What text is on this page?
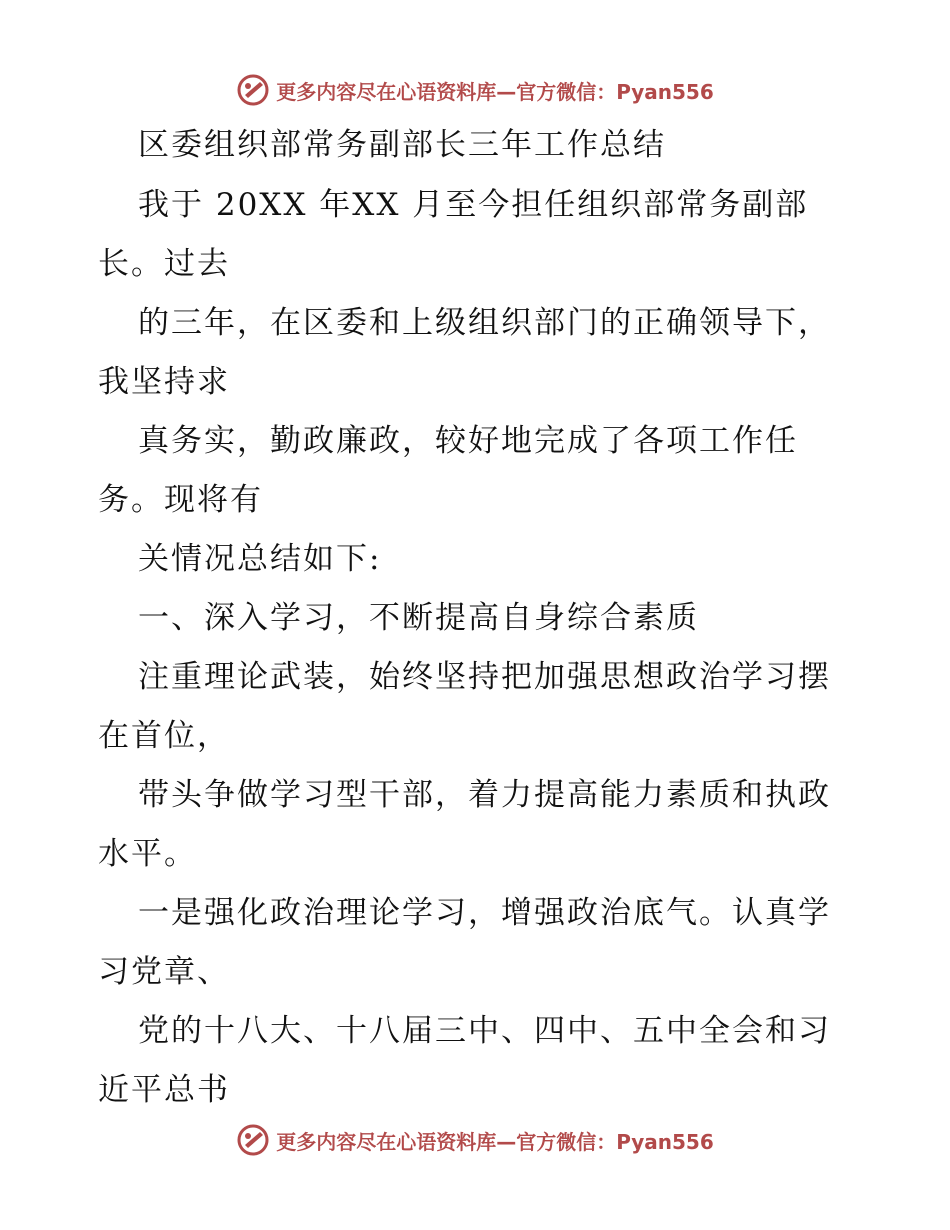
更多内容尽在心语资料库—官方微信：Pyan556
区委组织部常务副部长三年工作总结
我于 20XX 年XX 月至今担任组织部常务副部
长。过去
的三年，在区委和上级组织部门的正确领导下，
我坚持求
真务实，勤政廉政，较好地完成了各项工作任
务。现将有
关情况总结如下:
一、深入学习，不断提高自身综合素质
注重理论武装，始终坚持把加强思想政治学习摆
在首位，
带头争做学习型干部，着力提高能力素质和执政
水平。
一是强化政治理论学习，增强政治底气。认真学
习党章、
党的十八大、十八届三中、四中、五中全会和习
近平总书
更多内容尽在心语资料库—官方微信：Pyan556
